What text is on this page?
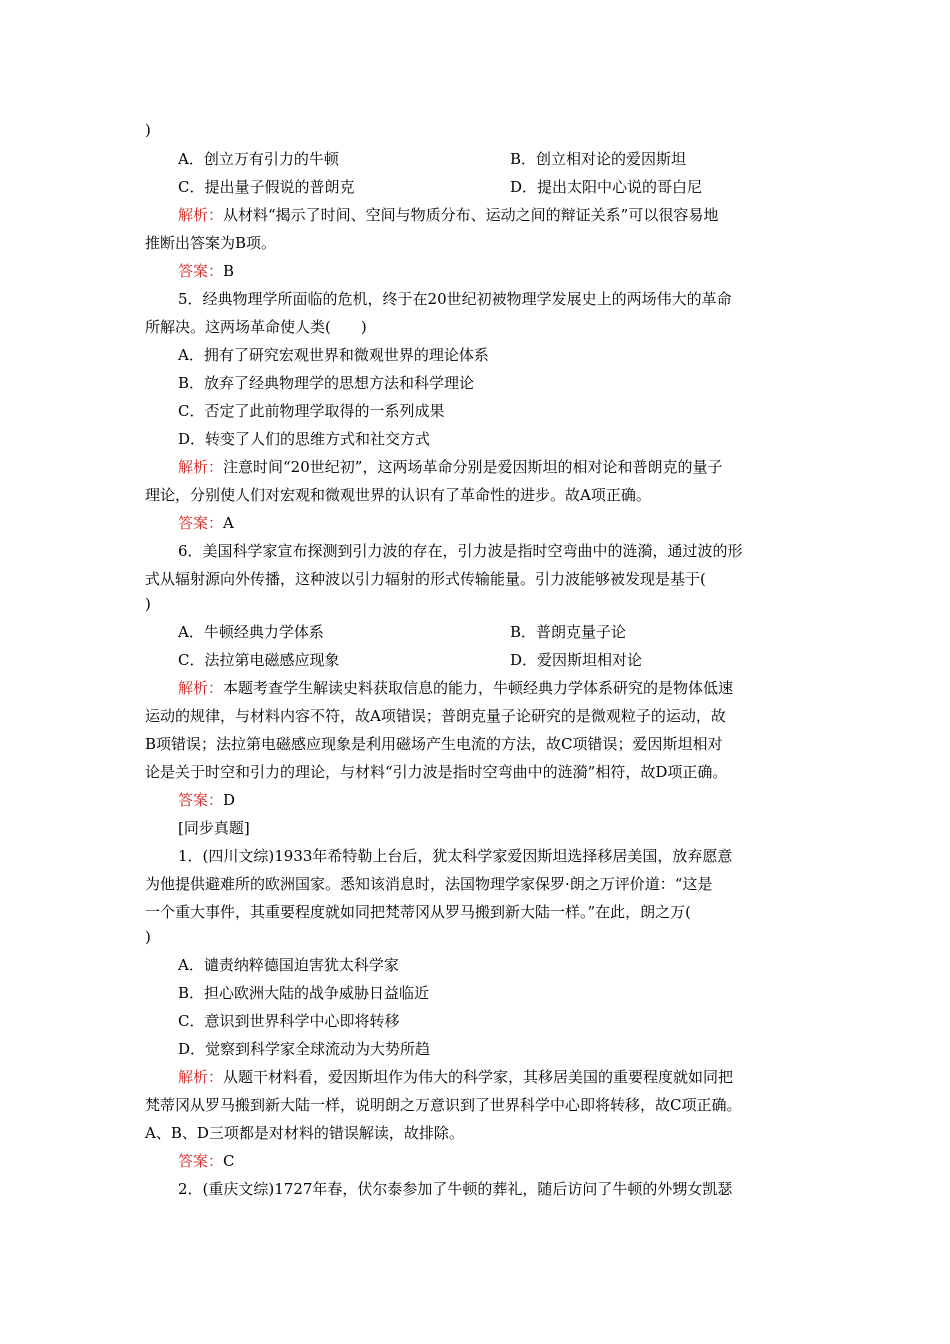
)
A．创立万有引力的牛顿	B．创立相对论的爱因斯坦
C．提出量子假说的普朗克	D．提出太阳中心说的哥白尼
解析：从材料“揭示了时间、空间与物质分布、运动之间的辩证关系”可以很容易地
推断出答案为B项。
答案：B
5．经典物理学所面临的危机，终于在20世纪初被物理学发展史上的两场伟大的革命
所解决。这两场革命使人类(　　)
A．拥有了研究宏观世界和微观世界的理论体系
B．放弃了经典物理学的思想方法和科学理论
C．否定了此前物理学取得的一系列成果
D．转变了人们的思维方式和社交方式
解析：注意时间“20世纪初”，这两场革命分别是爱因斯坦的相对论和普朗克的量子
理论，分别使人们对宏观和微观世界的认识有了革命性的进步。故A项正确。
答案：A
6．美国科学家宣布探测到引力波的存在，引力波是指时空弯曲中的涟漪，通过波的形
式从辐射源向外传播，这种波以引力辐射的形式传输能量。引力波能够被发现是基于(
)
A．牛顿经典力学体系	B．普朗克量子论
C．法拉第电磁感应现象	D．爱因斯坦相对论
解析：本题考查学生解读史料获取信息的能力，牛顿经典力学体系研究的是物体低速
运动的规律，与材料内容不符，故A项错误；普朗克量子论研究的是微观粒子的运动，故
B项错误；法拉第电磁感应现象是利用磁场产生电流的方法，故C项错误；爱因斯坦相对
论是关于时空和引力的理论，与材料“引力波是指时空弯曲中的涟漪”相符，故D项正确。
答案：D
[同步真题]
1．(四川文综)1933年希特勒上台后，犹太科学家爱因斯坦选择移居美国，放弃愿意
为他提供避难所的欧洲国家。悉知该消息时，法国物理学家保罗·朗之万评价道：“这是
一个重大事件，其重要程度就如同把梵蒂冈从罗马搬到新大陆一样。”在此，朗之万(
)
A．谴责纳粹德国迫害犹太科学家
B．担心欧洲大陆的战争威胁日益临近
C．意识到世界科学中心即将转移
D．觉察到科学家全球流动为大势所趋
解析：从题干材料看，爱因斯坦作为伟大的科学家，其移居美国的重要程度就如同把
梵蒂冈从罗马搬到新大陆一样，说明朗之万意识到了世界科学中心即将转移，故C项正确。
A、B、D三项都是对材料的错误解读，故排除。
答案：C
2．(重庆文综)1727年春，伏尔泰参加了牛顿的葬礼，随后访问了牛顿的外甥女凯瑟
